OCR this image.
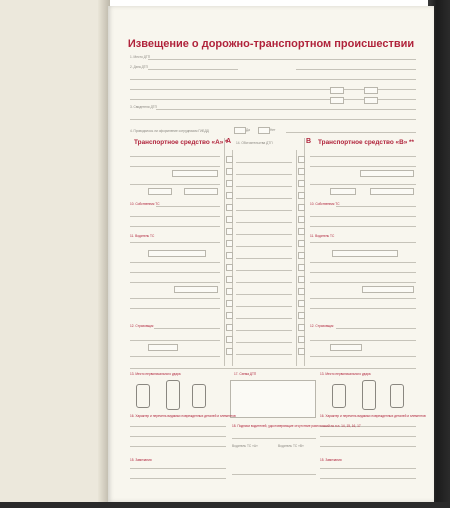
Извещение о дорожно-транспортном происшествии
1. Место ДТП
2. Дата ДТП
3. Свидетели ДТП
4. Проводилось ли оформление сотрудником ГИБДД	Да	Нет
Транспортное средство «А» *
А 14. Обстоятельства ДТП	В Транспортное средство «В» **
10. Собственник ТС
11. Водитель ТС
12. Страховщик
10. Собственник ТС
11. Водитель ТС
12. Страховщик
13. Место первоначального удара	17. Схема ДТП	13. Место первоначального удара
16. Характер и перечень видимых поврежденных деталей и элементов	16. Характер и перечень видимых поврежденных деталей и элементов
18. Подписи водителей, удостоверяющие отсутствие разногласий по п.п. 14, 15, 16, 17
Водитель ТС «А»	Водитель ТС «В»
15. Замечания	15. Замечания
